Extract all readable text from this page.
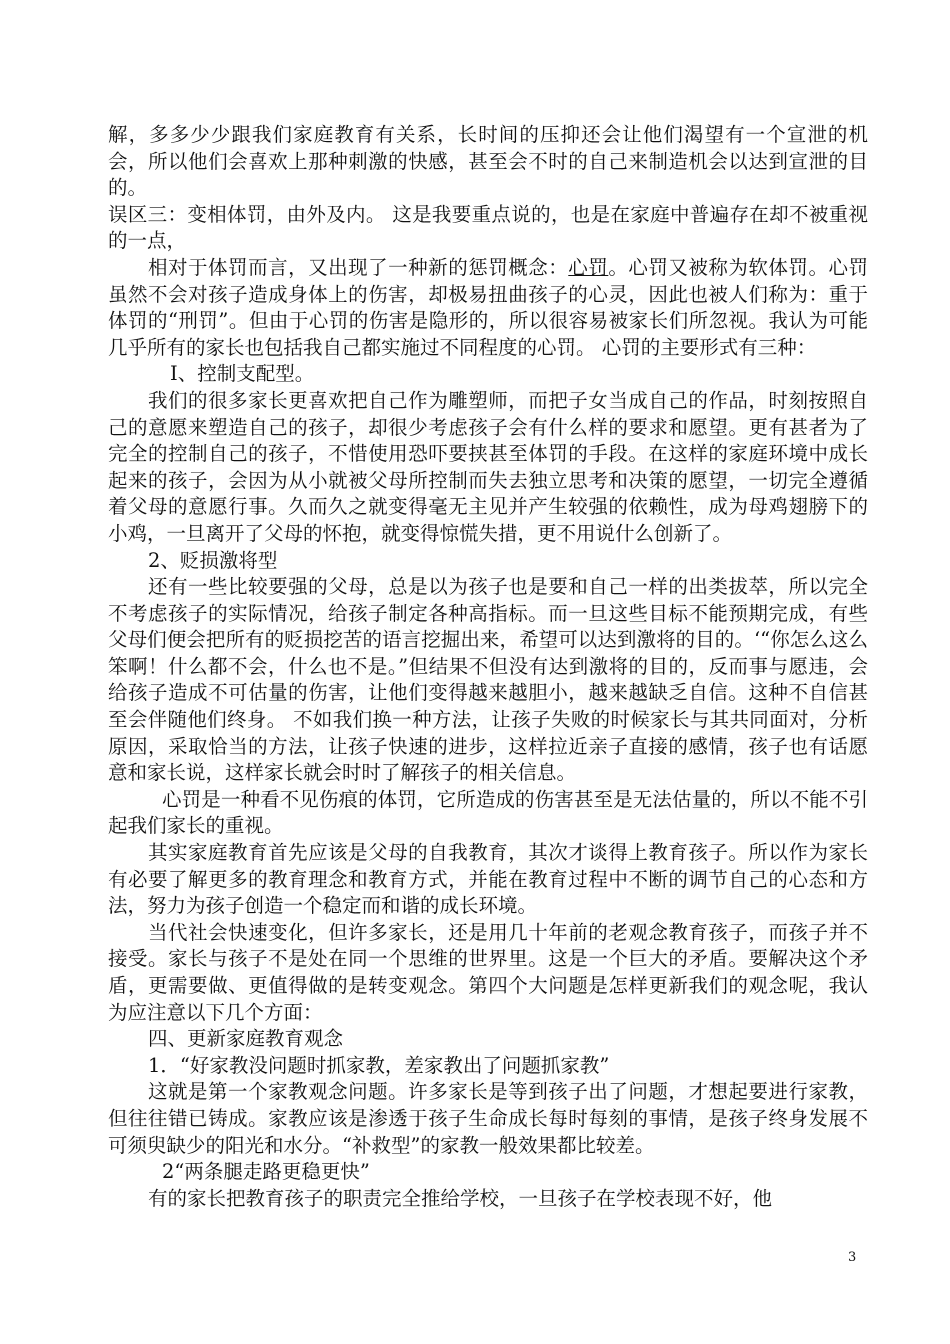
解，多多少少跟我们家庭教育有关系，长时间的压抑还会让他们渴望有一个宣泄的机会，所以他们会喜欢上那种刺激的快感，甚至会不时的自己来制造机会以达到宣泄的目的。

误区三：变相体罚，由外及内。 这是我要重点说的，也是在家庭中普遍存在却不被重视的一点，

相对于体罚而言，又出现了一种新的惩罚概念：心罚。心罚又被称为软体罚。心罚虽然不会对孩子造成身体上的伤害，却极易扭曲孩子的心灵，因此也被人们称为：重于体罚的“刑罚”。但由于心罚的伤害是隐形的，所以很容易被家长们所忽视。我认为可能几乎所有的家长也包括我自己都实施过不同程度的心罚。 心罚的主要形式有三种：

Ⅰ、控制支配型。

我们的很多家长更喜欢把自己作为雕塑师，而把子女当成自己的作品，时刻按照自己的意愿来塑造自己的孩子，却很少考虑孩子会有什么样的要求和愿望。更有甚者为了完全的控制自己的孩子，不惜使用恐吓要挟甚至体罚的手段。在这样的家庭环境中成长起来的孩子，会因为从小就被父母所控制而失去独立思考和决策的愿望，一切完全遵循着父母的意愿行事。久而久之就变得毫无主见并产生较强的依赖性，成为母鸡翅膀下的小鸡，一旦离开了父母的怀抱，就变得惊慌失措，更不用说什么创新了。

2、贬损激将型

还有一些比较要强的父母，总是以为孩子也是要和自己一样的出类拔萃，所以完全不考虑孩子的实际情况，给孩子制定各种高指标。而一旦这些目标不能预期完成，有些父母们便会把所有的贬损挖苦的语言挖掘出来，希望可以达到激将的目的。‘“你怎么这么笨啊！什么都不会，什么也不是。”但结果不但没有达到激将的目的，反而事与愿违，会给孩子造成不可估量的伤害，让他们变得越来越胆小，越来越缺乏自信。这种不自信甚至会伴随他们终身。 不如我们换一种方法，让孩子失败的时候家长与其共同面对，分析原因，采取恰当的方法，让孩子快速的进步，这样拉近亲子直接的感情，孩子也有话愿意和家长说，这样家长就会时时了解孩子的相关信息。

心罚是一种看不见伤痕的体罚，它所造成的伤害甚至是无法估量的，所以不能不引起我们家长的重视。

其实家庭教育首先应该是父母的自我教育，其次才谈得上教育孩子。所以作为家长有必要了解更多的教育理念和教育方式，并能在教育过程中不断的调节自己的心态和方法，努力为孩子创造一个稳定而和谐的成长环境。

当代社会快速变化，但许多家长，还是用几十年前的老观念教育孩子，而孩子并不接受。家长与孩子不是处在同一个思维的世界里。这是一个巨大的矛盾。要解决这个矛盾，更需要做、更值得做的是转变观念。第四个大问题是怎样更新我们的观念呢，我认为应注意以下几个方面：

四、更新家庭教育观念

1．“好家教没问题时抓家教，差家教出了问题抓家教”

这就是第一个家教观念问题。许多家长是等到孩子出了问题，才想起要进行家教，但往往错已铸成。家教应该是渗透于孩子生命成长每时每刻的事情，是孩子终身发展不可须臾缺少的阳光和水分。“补救型”的家教一般效果都比较差。

2“两条腿走路更稳更快”

有的家长把教育孩子的职责完全推给学校，一旦孩子在学校表现不好，他

3
